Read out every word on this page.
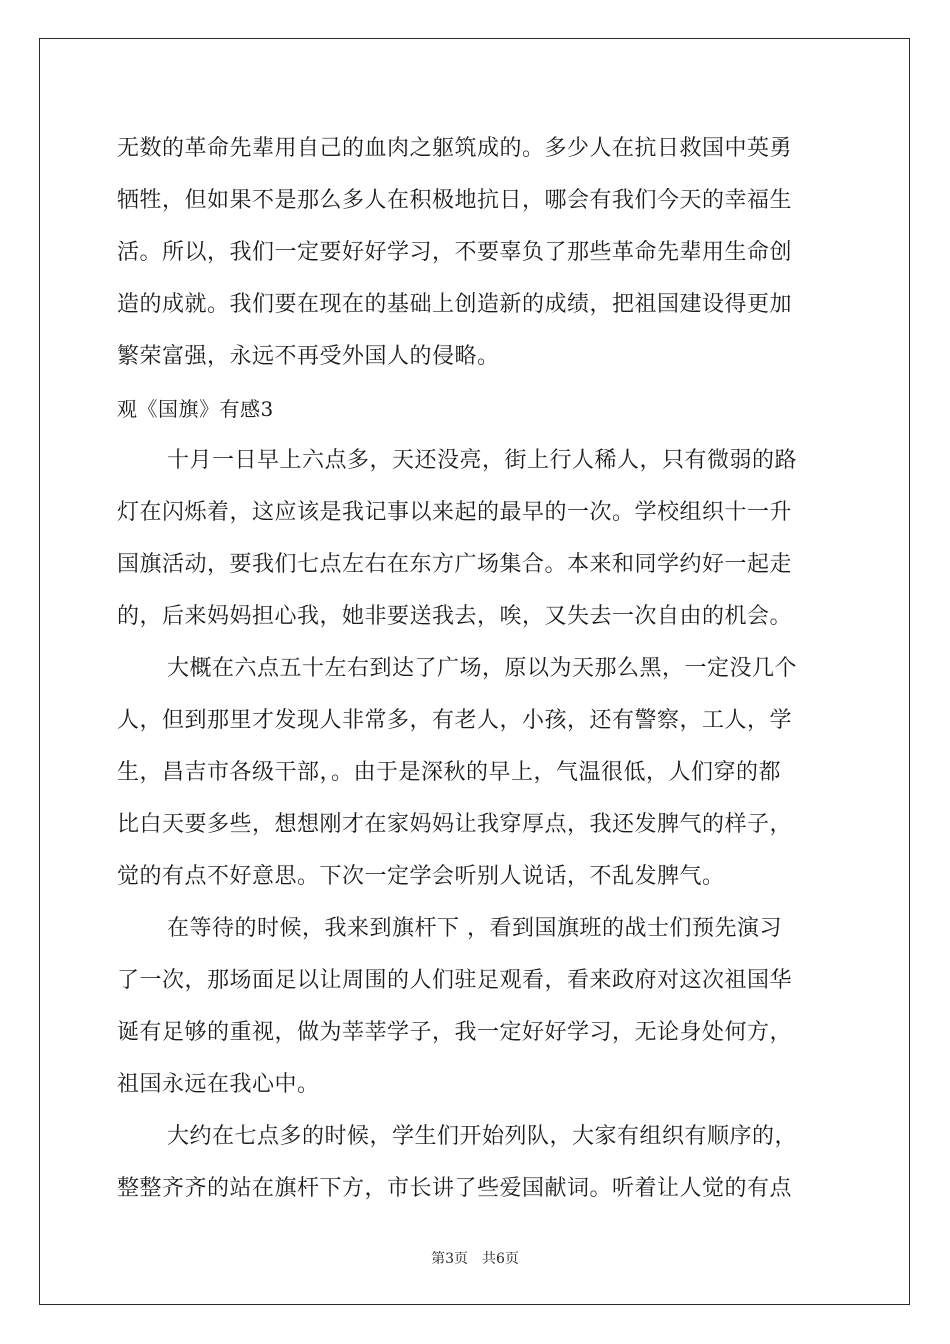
无数的革命先辈用自己的血肉之躯筑成的。多少人在抗日救国中英勇
牺牲，但如果不是那么多人在积极地抗日，哪会有我们今天的幸福生
活。所以，我们一定要好好学习，不要辜负了那些革命先辈用生命创
造的成就。我们要在现在的基础上创造新的成绩，把祖国建设得更加
繁荣富强，永远不再受外国人的侵略。
观《国旗》有感3
十月一日早上六点多，天还没亮，街上行人稀人，只有微弱的路
灯在闪烁着，这应该是我记事以来起的最早的一次。学校组织十一升
国旗活动，要我们七点左右在东方广场集合。本来和同学约好一起走
的，后来妈妈担心我，她非要送我去，唉，又失去一次自由的机会。
大概在六点五十左右到达了广场，原以为天那么黑，一定没几个
人，但到那里才发现人非常多，有老人，小孩，还有警察，工人，学
生，昌吉市各级干部，。由于是深秋的早上，气温很低，人们穿的都
比白天要多些，想想刚才在家妈妈让我穿厚点，我还发脾气的样子，
觉的有点不好意思。下次一定学会听别人说话，不乱发脾气。
在等待的时候，我来到旗杆下 ，看到国旗班的战士们预先演习
了一次，那场面足以让周围的人们驻足观看，看来政府对这次祖国华
诞有足够的重视，做为莘莘学子，我一定好好学习，无论身处何方，
祖国永远在我心中。
大约在七点多的时候，学生们开始列队，大家有组织有顺序的，
整整齐齐的站在旗杆下方，市长讲了些爱国献词。听着让人觉的有点
第3页 共6页
